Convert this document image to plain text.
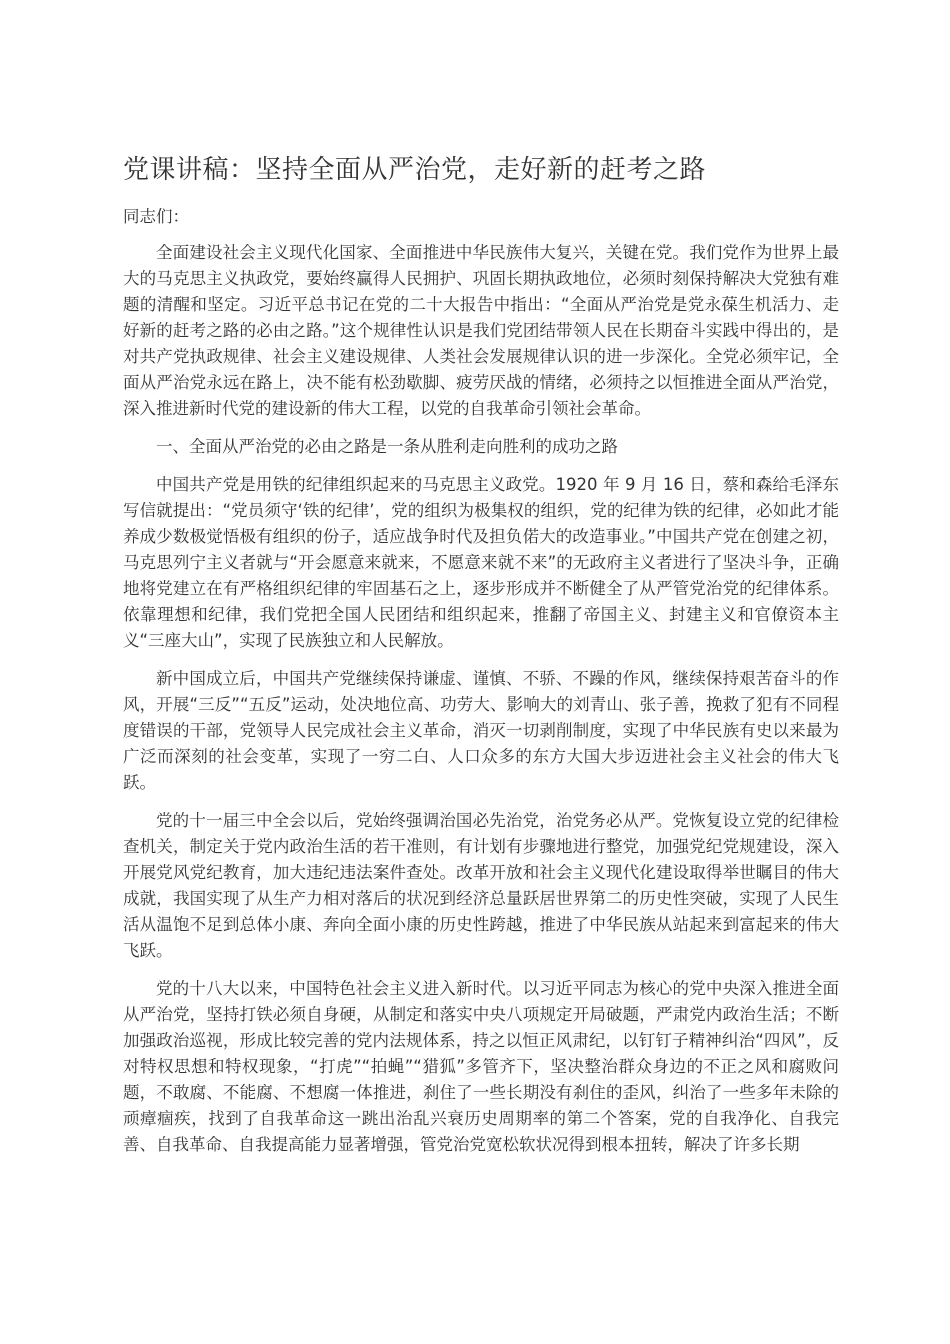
党课讲稿：坚持全面从严治党，走好新的赶考之路

同志们：

全面建设社会主义现代化国家、全面推进中华民族伟大复兴，关键在党。我们党作为世界上最大的马克思主义执政党，要始终赢得人民拥护、巩固长期执政地位，必须时刻保持解决大党独有难题的清醒和坚定。习近平总书记在党的二十大报告中指出：“全面从严治党是党永葆生机活力、走好新的赶考之路的必由之路。”这个规律性认识是我们党团结带领人民在长期奋斗实践中得出的，是对共产党执政规律、社会主义建设规律、人类社会发展规律认识的进一步深化。全党必须牢记，全面从严治党永远在路上，决不能有松劲歇脚、疲劳厌战的情绪，必须持之以恒推进全面从严治党，深入推进新时代党的建设新的伟大工程，以党的自我革命引领社会革命。

一、全面从严治党的必由之路是一条从胜利走向胜利的成功之路

中国共产党是用铁的纪律组织起来的马克思主义政党。1920 年 9 月 16 日，蔡和森给毛泽东写信就提出：“党员须守‘铁的纪律’，党的组织为极集权的组织，党的纪律为铁的纪律，必如此才能养成少数极觉悟极有组织的份子，适应战争时代及担负偌大的改造事业。”中国共产党在创建之初，马克思列宁主义者就与“开会愿意来就来，不愿意来就不来”的无政府主义者进行了坚决斗争，正确地将党建立在有严格组织纪律的牢固基石之上，逐步形成并不断健全了从严管党治党的纪律体系。依靠理想和纪律，我们党把全国人民团结和组织起来，推翻了帝国主义、封建主义和官僚资本主义“三座大山”，实现了民族独立和人民解放。

新中国成立后，中国共产党继续保持谦虚、谨慎、不骄、不躁的作风，继续保持艰苦奋斗的作风，开展“三反”“五反”运动，处决地位高、功劳大、影响大的刘青山、张子善，挽救了犯有不同程度错误的干部，党领导人民完成社会主义革命，消灭一切剥削制度，实现了中华民族有史以来最为广泛而深刻的社会变革，实现了一穷二白、人口众多的东方大国大步迈进社会主义社会的伟大飞跃。

党的十一届三中全会以后，党始终强调治国必先治党，治党务必从严。党恢复设立党的纪律检查机关，制定关于党内政治生活的若干准则，有计划有步骤地进行整党，加强党纪党规建设，深入开展党风党纪教育，加大违纪违法案件查处。改革开放和社会主义现代化建设取得举世瞩目的伟大成就，我国实现了从生产力相对落后的状况到经济总量跃居世界第二的历史性突破，实现了人民生活从温饱不足到总体小康、奔向全面小康的历史性跨越，推进了中华民族从站起来到富起来的伟大飞跃。

党的十八大以来，中国特色社会主义进入新时代。以习近平同志为核心的党中央深入推进全面从严治党，坚持打铁必须自身硬，从制定和落实中央八项规定开局破题，严肃党内政治生活；不断加强政治巡视，形成比较完善的党内法规体系，持之以恒正风肃纪，以钉钉子精神纠治“四风”，反对特权思想和特权现象，“打虎”“拍蝇”“猎狐”多管齐下，坚决整治群众身边的不正之风和腐败问题，不敢腐、不能腐、不想腐一体推进，刹住了一些长期没有刹住的歪风，纠治了一些多年未除的顽瘴痼疾，找到了自我革命这一跳出治乱兴衰历史周期率的第二个答案，党的自我净化、自我完善、自我革命、自我提高能力显著增强，管党治党宽松软状况得到根本扭转，解决了许多长期
